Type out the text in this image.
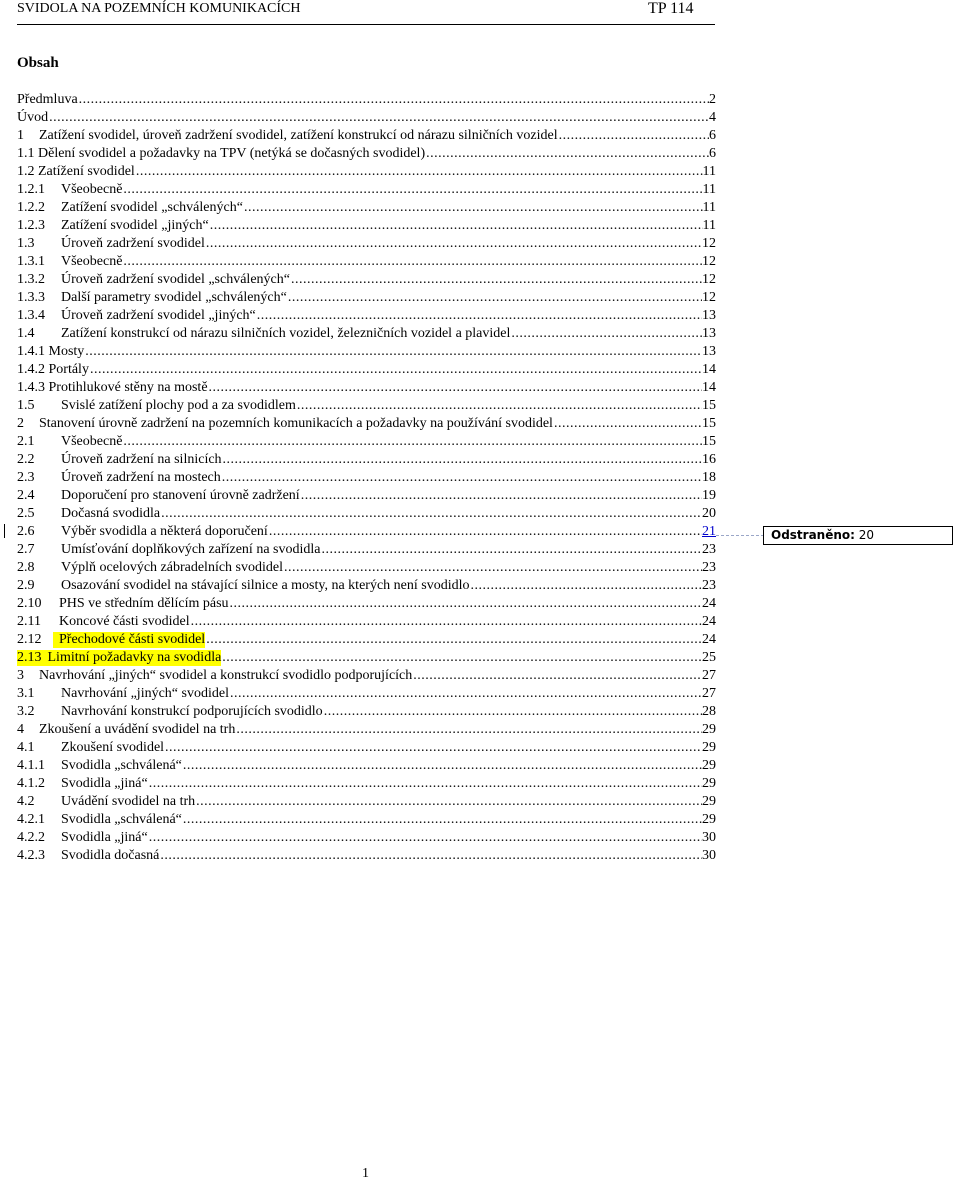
SVIDOLA NA POZEMNÍCH KOMUNIKACÍCH	TP 114
Obsah
Předmluva .....	2
Úvod .....	4
1	Zatížení svodidel, úroveň zadržení svodidel, zatížení konstrukcí od nárazu silničních vozidel .....	6
1.1 Dělení svodidel a požadavky na TPV (netýká se dočasných svodidel) .....	6
1.2 Zatížení svodidel .....	11
1.2.1	Všeobecně .....	11
1.2.2	Zatížení svodidel „schválených“ .....	11
1.2.3	Zatížení svodidel „jiných“ .....	11
1.3	Úroveň zadržení svodidel .....	12
1.3.1	Všeobecně .....	12
1.3.2	Úroveň zadržení svodidel „schválených“ .....	12
1.3.3	Další parametry svodidel „schválených“ .....	12
1.3.4	Úroveň zadržení svodidel „jiných“ .....	13
1.4	Zatížení konstrukcí od nárazu silničních vozidel, železničních vozidel a plavidel .....	13
1.4.1 Mosty .....	13
1.4.2 Portály .....	14
1.4.3 Protihlukové stěny na mostě .....	14
1.5	Svislé zatížení plochy pod a za svodidlem .....	15
2	Stanovení úrovně zadržení na pozemních komunikacích a požadavky na používání svodidel .....	15
2.1	Všeobecně .....	15
2.2	Úroveň zadržení na silnicích .....	16
2.3	Úroveň zadržení na mostech .....	18
2.4	Doporučení pro stanovení úrovně zadržení .....	19
2.5	Dočasná svodidla .....	20
2.6	Výběr svodidla a některá doporučení .....	21
2.7	Umísťování doplňkových zařízení na svodidla .....	23
2.8	Výplň ocelových zábradelních svodidel .....	23
2.9	Osazování svodidel na stávající silnice a mosty, na kterých není svodidlo .....	23
2.10	PHS ve středním dělícím pásu .....	24
2.11	Koncové části svodidel .....	24
2.12	Přechodové části svodidel .....	24
2.13 Limitní požadavky na svodidla .....	25
3	Navrhování „jiných“ svodidel a konstrukcí svodidlo podporujících .....	27
3.1	Navrhování „jiných“ svodidel .....	27
3.2	Navrhování konstrukcí podporujících svodidlo .....	28
4	Zkoušení a uvádění svodidel na trh .....	29
4.1	Zkoušení svodidel .....	29
4.1.1	Svodidla „schválená“ .....	29
4.1.2	Svodidla „jiná“ .....	29
4.2	Uvádění svodidel na trh .....	29
4.2.1	Svodidla „schválená“ .....	29
4.2.2	Svodidla „jiná“ .....	30
4.2.3	Svodidla dočasná .....	30
Odstraněno: 20
1
